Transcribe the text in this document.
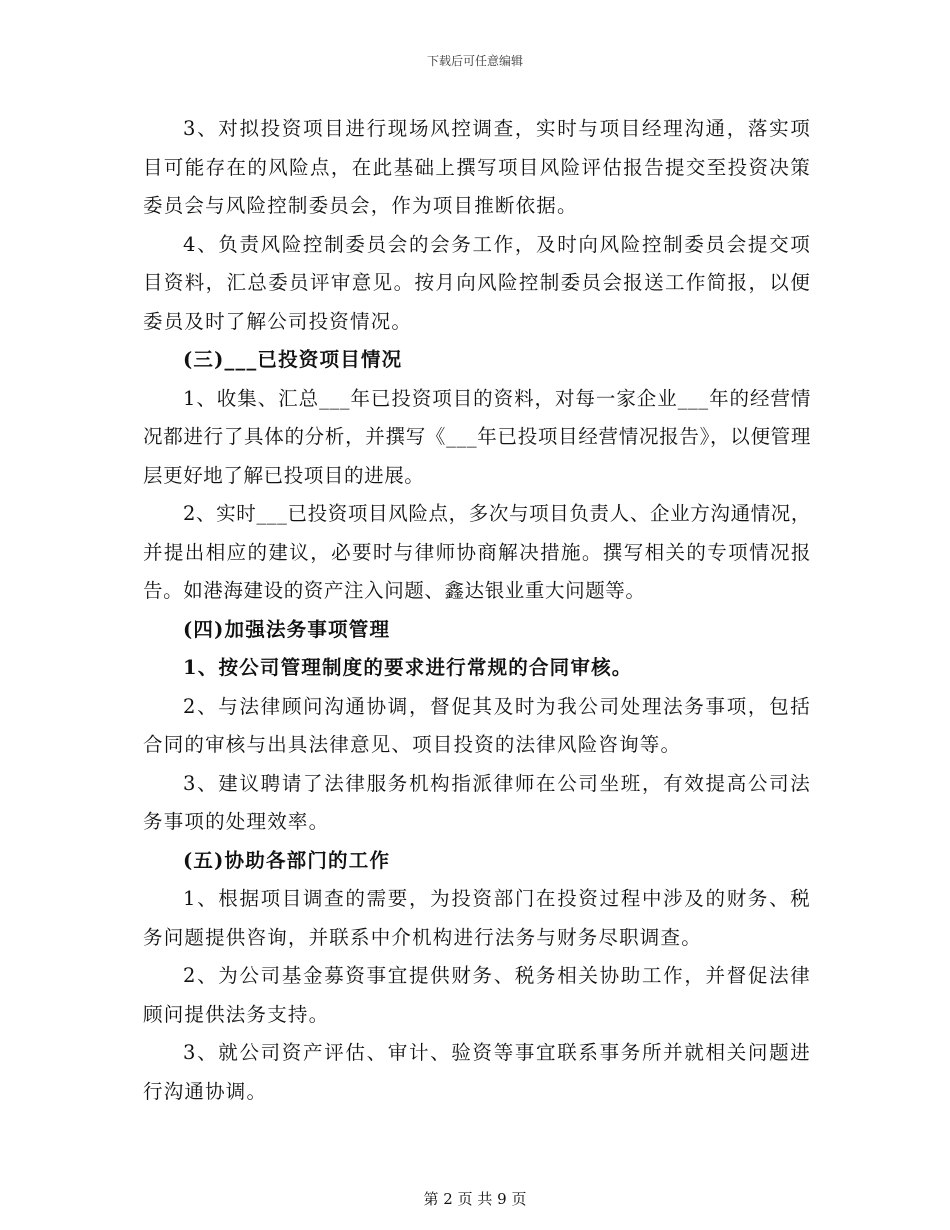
下载后可任意编辑

3、对拟投资项目进行现场风控调查，实时与项目经理沟通，落实项目可能存在的风险点，在此基础上撰写项目风险评估报告提交至投资决策委员会与风险控制委员会，作为项目推断依据。

4、负责风险控制委员会的会务工作，及时向风险控制委员会提交项目资料，汇总委员评审意见。按月向风险控制委员会报送工作简报，以便委员及时了解公司投资情况。

(三)___已投资项目情况

1、收集、汇总___年已投资项目的资料，对每一家企业___年的经营情况都进行了具体的分析，并撰写《___年已投项目经营情况报告》，以便管理层更好地了解已投项目的进展。

2、实时___已投资项目风险点，多次与项目负责人、企业方沟通情况，并提出相应的建议，必要时与律师协商解决措施。撰写相关的专项情况报告。如港海建设的资产注入问题、鑫达银业重大问题等。

(四)加强法务事项管理

1、按公司管理制度的要求进行常规的合同审核。

2、与法律顾问沟通协调，督促其及时为我公司处理法务事项，包括合同的审核与出具法律意见、项目投资的法律风险咨询等。

3、建议聘请了法律服务机构指派律师在公司坐班，有效提高公司法务事项的处理效率。

(五)协助各部门的工作

1、根据项目调查的需要，为投资部门在投资过程中涉及的财务、税务问题提供咨询，并联系中介机构进行法务与财务尽职调查。

2、为公司基金募资事宜提供财务、税务相关协助工作，并督促法律顾问提供法务支持。

3、就公司资产评估、审计、验资等事宜联系事务所并就相关问题进行沟通协调。

第 2 页 共 9 页
